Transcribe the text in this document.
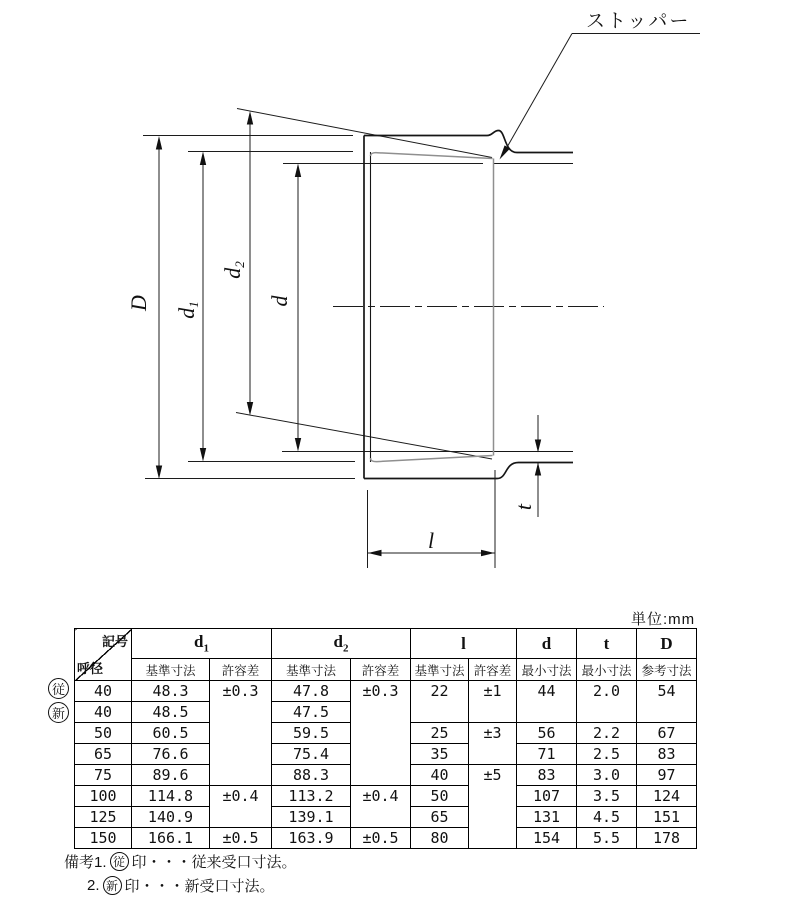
D
d1
d2
d
ストッパー
t
l
単位:mm
従
新
記号
呼径	$d_1$		$d_2$		l		d	t	D
	基準寸法	許容差	基準寸法	許容差	基準寸法	許容差	最小寸法	最小寸法	参考寸法
40	48.3	±0.3	47.8	±0.3	22	±1	44	2.0	54
40	48.5		47.5						
50	60.5		59.5		25	±3	56	2.2	67
65	76.6		75.4		35		71	2.5	83
75	89.6		88.3		40	±5	83	3.0	97
100	114.8	±0.4	113.2	±0.4	50		107	3.5	124
125	140.9		139.1		65		131	4.5	151
150	166.1	±0.5	163.9	±0.5	80		154	5.5	178
備考1. 従 印・・・従来受口寸法。
2. 新 印・・・新受口寸法。
